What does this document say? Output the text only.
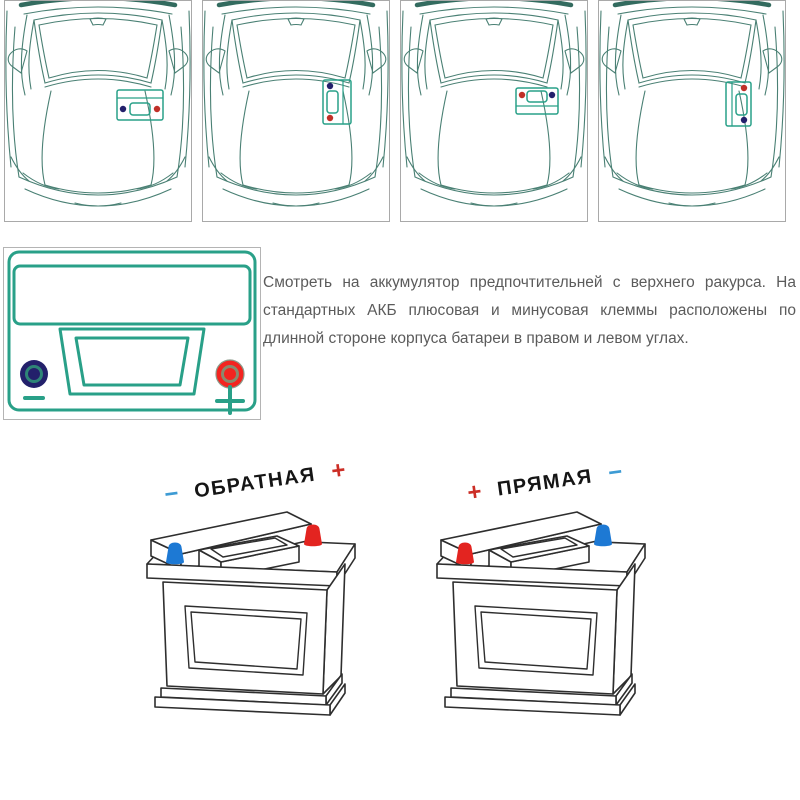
Смотреть на аккумулятор предпочтительней с верхнего ракурса. На стандартных АКБ плюсовая и минусовая клеммы расположены по длинной стороне корпуса батареи в правом и левом углах.

− ОБРАТНАЯ +
+ ПРЯМАЯ −
